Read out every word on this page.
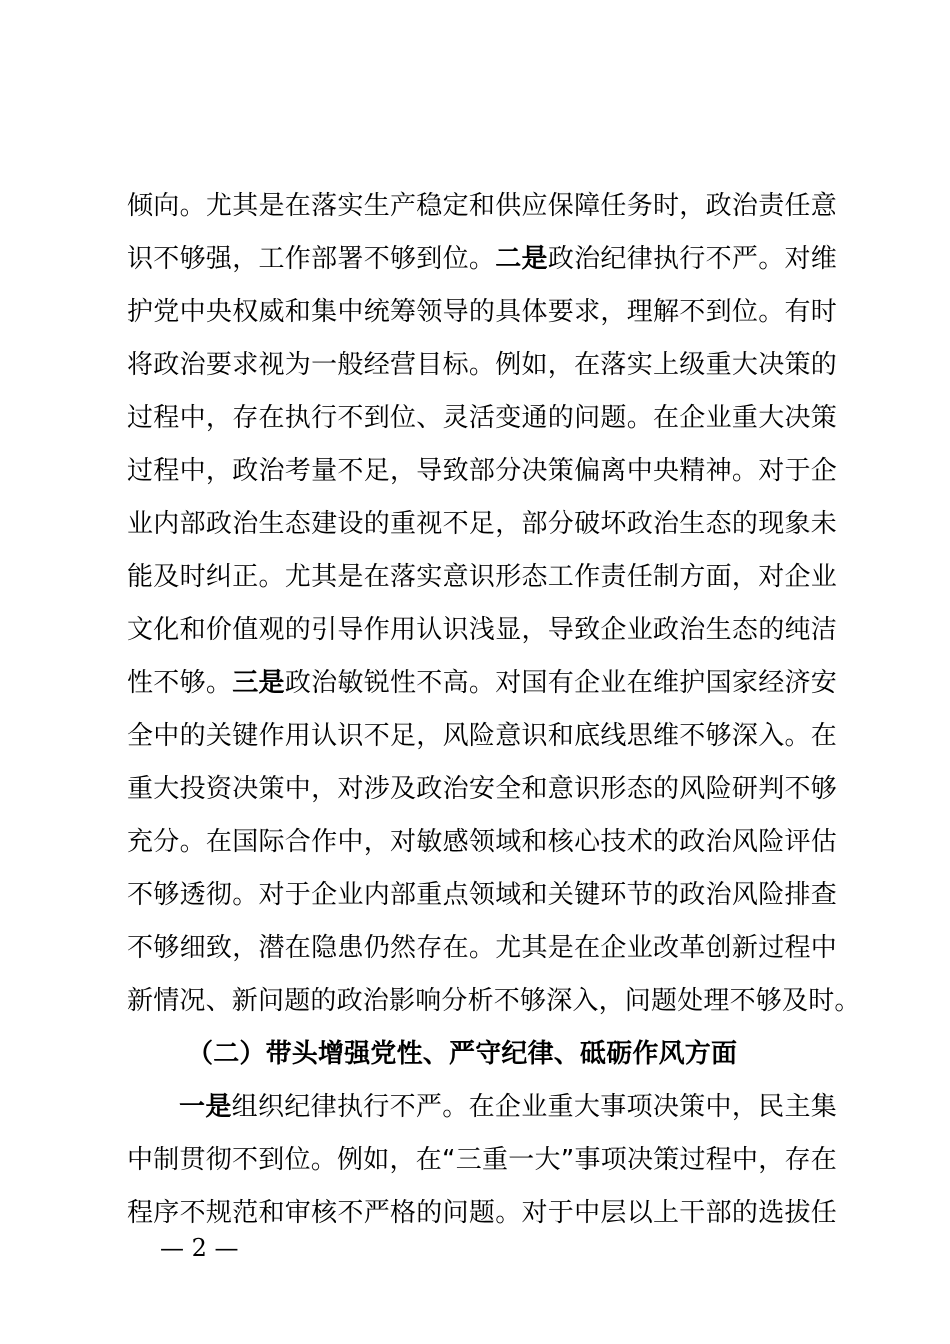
倾向。尤其是在落实生产稳定和供应保障任务时，政治责任意
识不够强，工作部署不够到位。二是政治纪律执行不严。对维
护党中央权威和集中统筹领导的具体要求，理解不到位。有时
将政治要求视为一般经营目标。例如，在落实上级重大决策的
过程中，存在执行不到位、灵活变通的问题。在企业重大决策
过程中，政治考量不足，导致部分决策偏离中央精神。对于企
业内部政治生态建设的重视不足，部分破坏政治生态的现象未
能及时纠正。尤其是在落实意识形态工作责任制方面，对企业
文化和价值观的引导作用认识浅显，导致企业政治生态的纯洁
性不够。三是政治敏锐性不高。对国有企业在维护国家经济安
全中的关键作用认识不足，风险意识和底线思维不够深入。在
重大投资决策中，对涉及政治安全和意识形态的风险研判不够
充分。在国际合作中，对敏感领域和核心技术的政治风险评估
不够透彻。对于企业内部重点领域和关键环节的政治风险排查
不够细致，潜在隐患仍然存在。尤其是在企业改革创新过程中
新情况、新问题的政治影响分析不够深入，问题处理不够及时。
（二）带头增强党性、严守纪律、砥砺作风方面
一是组织纪律执行不严。在企业重大事项决策中，民主集
中制贯彻不到位。例如，在“三重一大”事项决策过程中，存在
程序不规范和审核不严格的问题。对于中层以上干部的选拔任
— 2 —
